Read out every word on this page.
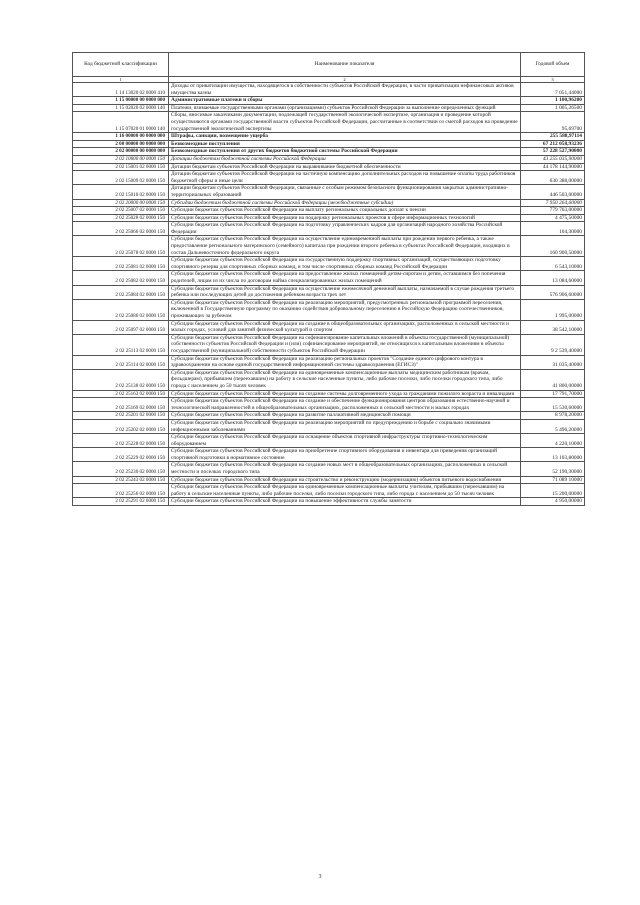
Код бюджетной классификации	Наименование показателя	Годовой объем
1	2	3
1 14 13020 02 0000 410	Доходы от приватизации имущества, находящегося в собственности субъектов Российской Федерации, в части приватизации нефинансовых активов имущества казны	7 051,44000
1 15 00000 00 0000 000	Административные платежи и сборы	1 100,96200
1 15 02020 02 0000 140	Платежи, взимаемые государственными органами (организациями) субъектов Российской Федерации за выполнение определенных функций	1 005,26500
1 15 07020 01 0000 140	Сборы, вносимые заказчиками документации, подлежащей государственной экологической экспертизе, организация и проведение которой осуществляются органами государственной власти субъектов Российской Федерации, рассчитанные в соответствии со сметой расходов на проведение государственной экологической экспертизы	95,69700
1 16 00000 00 0000 000	Штрафы, санкции, возмещение ущерба	255 588,97114
2 00 00000 00 0000 000	Безвозмездные поступления	67 212 058,93236
2 02 00000 00 0000 000	Безвозмездные поступления от других бюджетов бюджетной системы Российской Федерации	57 228 527,90000
2 02 10000 00 0000 150	Дотации бюджетам бюджетной системы Российской Федерации	43 255 035,90000
2 02 15001 02 0000 150	Дотации бюджетам субъектов Российской Федерации на выравнивание бюджетной обеспеченности	44 178 144,90000
2 02 15009 02 0000 150	Дотации бюджетам субъектов Российской Федерации на частичную компенсацию дополнительных расходов на повышение оплаты труда работников бюджетной сферы и иные цели	630 388,00000
2 02 15010 02 0000 150	Дотации бюджетам субъектов Российской Федерации, связанные с особым режимом безопасного функционирования закрытых административно-территориальных образований	446 503,00000
2 02 20000 00 0000 150	Субсидии бюджетам бюджетной системы Российской Федерации (межбюджетные субсидии)	7 950 264,60000
2 02 25007 02 0000 150	Субсидии бюджетам субъектов Российской Федерации на выплату региональных социальных доплат к пенсии	779 763,00000
2 02 25028 02 0000 150	Субсидии бюджетам субъектов Российской Федерации на поддержку региональных проектов в сфере информационных технологий	4 475,50000
2 02 25066 02 0000 150	Субсидии бюджетам субъектов Российской Федерации на подготовку управленческих кадров для организаций народного хозяйства Российской Федерации	104,30000
2 02 25078 02 0000 150	Субсидии бюджетам субъектов Российской Федерации на осуществление единовременной выплаты при рождении первого ребенка, а также предоставление регионального материнского (семейного) капитала при рождении второго ребенка в субъектах Российской Федерации, входящих в состав Дальневосточного федерального округа	160 900,50000
2 02 25081 02 0000 150	Субсидии бюджетам субъектов Российской Федерации на государственную поддержку спортивных организаций, осуществляющих подготовку спортивного резерва для спортивных сборных команд, в том числе спортивных сборных команд Российской Федерации	6 543,10000
2 02 25082 02 0000 150	Субсидии бюджетам субъектов Российской Федерации на предоставление жилых помещений детям-сиротам и детям, оставшимся без попечения родителей, лицам из их числа по договорам найма специализированных жилых помещений	13 084,60000
2 02 25084 02 0000 150	Субсидии бюджетам субъектов Российской Федерации на осуществление ежемесячной денежной выплаты, назначаемой в случае рождения третьего ребенка или последующих детей до достижения ребенком возраста трех лет	576 906,60000
2 02 25086 02 0000 150	Субсидии бюджетам субъектов Российской Федерации на реализацию мероприятий, предусмотренных региональной программой переселения, включенной в Государственную программу по оказанию содействия добровольному переселению в Российскую Федерацию соотечественников, проживающих за рубежом	1 995,00000
2 02 25097 02 0000 150	Субсидии бюджетам субъектов Российской Федерации на создание в общеобразовательных организациях, расположенных в сельской местности и малых городах, условий для занятий физической культурой и спортом	38 542,10000
2 02 25113 02 0000 150	Субсидии бюджетам субъектов Российской Федерации на софинансирование капитальных вложений в объекты государственной (муниципальной) собственности субъектов Российской Федерации и (или) софинансирование мероприятий, не относящихся к капитальным вложениям в объекты государственной (муниципальной) собственности субъектов Российской Федерации	9 2 539,40000
2 02 25114 02 0000 150	Субсидии бюджетам субъектов Российской Федерации на реализацию региональных проектов "Создание единого цифрового контура в здравоохранении на основе единой государственной информационной системы здравоохранения (ЕГИСЗ)"	31 035,40000
2 02 25138 02 0000 150	Субсидии бюджетам субъектов Российской Федерации на единовременные компенсационные выплаты медицинским работникам (врачам, фельдшерам), прибывшим (переехавшим) на работу в сельские населенные пункты, либо рабочие поселки, либо поселки городского типа, либо города с населением до 50 тысяч человек	41 800,00000
2 02 25163 02 0000 150	Субсидии бюджетам субъектов Российской Федерации на создание системы долговременного ухода за гражданами пожилого возраста и инвалидами	17 791,70000
2 02 25169 02 0000 150	Субсидии бюджетам субъектов Российской Федерации на создание и обеспечение функционирования центров образования естественно-научной и технологической направленностей в общеобразовательных организациях, расположенных в сельской местности и малых городах	15 530,60000
2 02 25201 02 0000 150	Субсидии бюджетам субъектов Российской Федерации на развитие паллиативной медицинской помощи	8 978,20000
2 02 25202 02 0000 150	Субсидии бюджетам субъектов Российской Федерации на реализацию мероприятий по предупреждению и борьбе с социально значимыми инфекционными заболеваниями	5 496,20000
2 02 25228 02 0000 150	Субсидии бюджетам субъектов Российской Федерации на оснащение объектов спортивной инфраструктуры спортивно-технологическим оборудованием	4 220,10000
2 02 25229 02 0000 150	Субсидии бюджетам субъектов Российской Федерации на приобретение спортивного оборудования и инвентаря для приведения организаций спортивной подготовки в нормативное состояние	13 103,80000
2 02 25230 02 0000 150	Субсидии бюджетам субъектов Российской Федерации на создание новых мест в общеобразовательных организациях, расположенных в сельской местности и поселках городского типа	52 190,30000
2 02 25243 02 0000 150	Субсидии бюджетам субъектов Российской Федерации на строительство и реконструкцию (модернизацию) объектов питьевого водоснабжения	71 089 10000
2 02 25256 02 0000 150	Субсидии бюджетам субъектов Российской Федерации на единовременные компенсационные выплаты учителям, прибывшим (переехавшим) на работу в сельские населенные пункты, либо рабочие поселки, либо поселки городского типа, либо города с населением до 50 тысяч человек	15 200,00000
2 02 25291 02 0000 150	Субсидии бюджетам субъектов Российской Федерации на повышение эффективности службы занятости	4 950,00000
3
